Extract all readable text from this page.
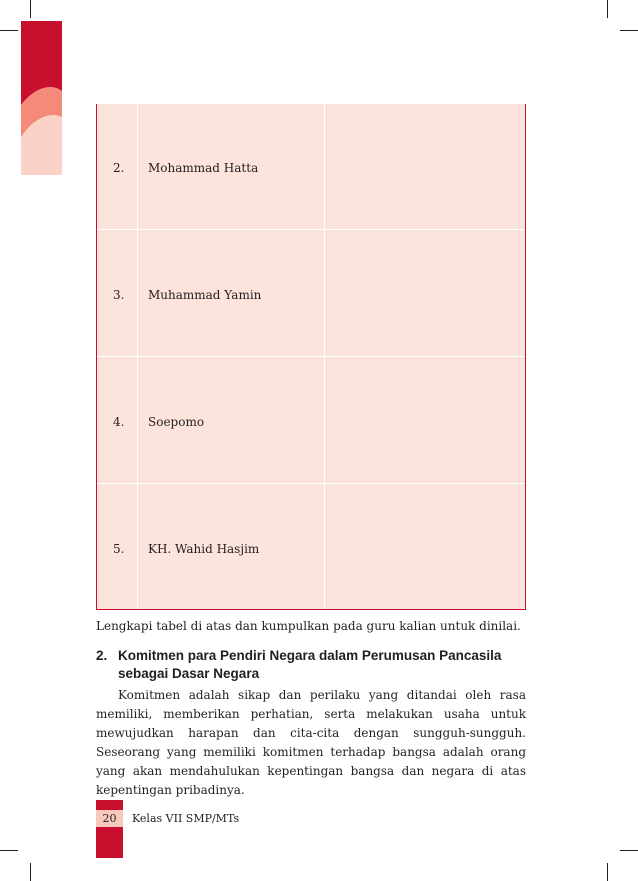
2. Mohammad Hatta
3. Muhammad Yamin
4. Soepomo
5. KH. Wahid Hasjim
Lengkapi tabel di atas dan kumpulkan pada guru kalian untuk dinilai.
2. Komitmen para Pendiri Negara dalam Perumusan Pancasila sebagai Dasar Negara
Komitmen adalah sikap dan perilaku yang ditandai oleh rasa memiliki, memberikan perhatian, serta melakukan usaha untuk mewujudkan harapan dan cita-cita dengan sungguh-sungguh. Seseorang yang memiliki komitmen terhadap bangsa adalah orang yang akan mendahulukan kepentingan bangsa dan negara di atas kepentingan pribadinya.
20	Kelas VII SMP/MTs
